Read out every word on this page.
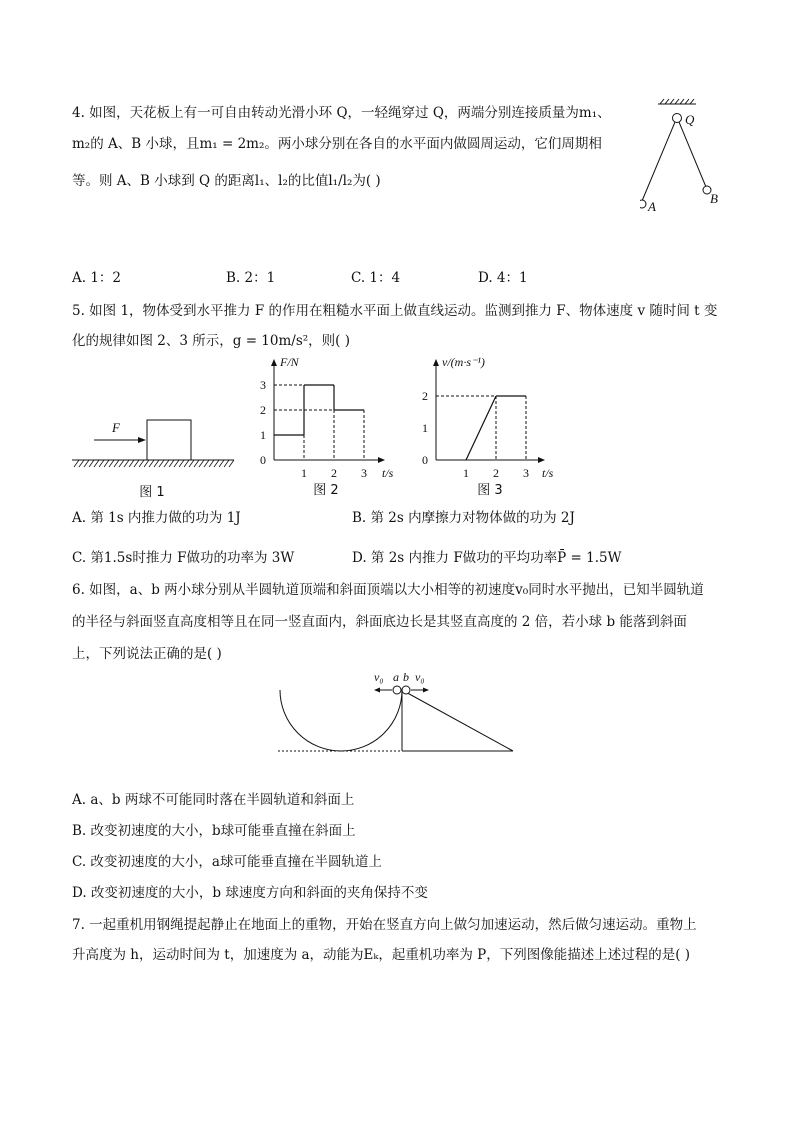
4. 如图，天花板上有一可自由转动光滑小环 Q，一轻绳穿过 Q，两端分别连接质量为m₁、
m₂的 A、B 小球，且m₁ = 2m₂。两小球分别在各自的水平面内做圆周运动，它们周期相
等。则 A、B 小球到 Q 的距离l₁、l₂的比值l₁/l₂为( )
Q
A
B
A. 1：2	B. 2：1	C. 1：4	D. 4：1
5. 如图 1，物体受到水平推力 F 的作用在粗糙水平面上做直线运动。监测到推力 F、物体速度 v 随时间 t 变
化的规律如图 2、3 所示，g = 10m/s²，则( )
F
图 1
F/N
t/s
0
1 2 3
1
2
3
图 2
v/(m·s⁻¹)
t/s
0
1 2 3
1
2
图 3
A. 第 1s 内推力做的功为 1J	B. 第 2s 内摩擦力对物体做的功为 2J
C. 第1.5s时推力 F做功的功率为 3W	D. 第 2s 内推力 F做功的平均功率P̄ = 1.5W
6. 如图，a、b 两小球分别从半圆轨道顶端和斜面顶端以大小相等的初速度v₀同时水平抛出，已知半圆轨道
的半径与斜面竖直高度相等且在同一竖直面内，斜面底边长是其竖直高度的 2 倍，若小球 b 能落到斜面
上，下列说法正确的是( )
v₀ a b v₀
A. a、b 两球不可能同时落在半圆轨道和斜面上
B. 改变初速度的大小，b球可能垂直撞在斜面上
C. 改变初速度的大小，a球可能垂直撞在半圆轨道上
D. 改变初速度的大小，b 球速度方向和斜面的夹角保持不变
7. 一起重机用钢绳提起静止在地面上的重物，开始在竖直方向上做匀加速运动，然后做匀速运动。重物上
升高度为 h，运动时间为 t，加速度为 a，动能为Eₖ，起重机功率为 P，下列图像能描述上述过程的是( )
